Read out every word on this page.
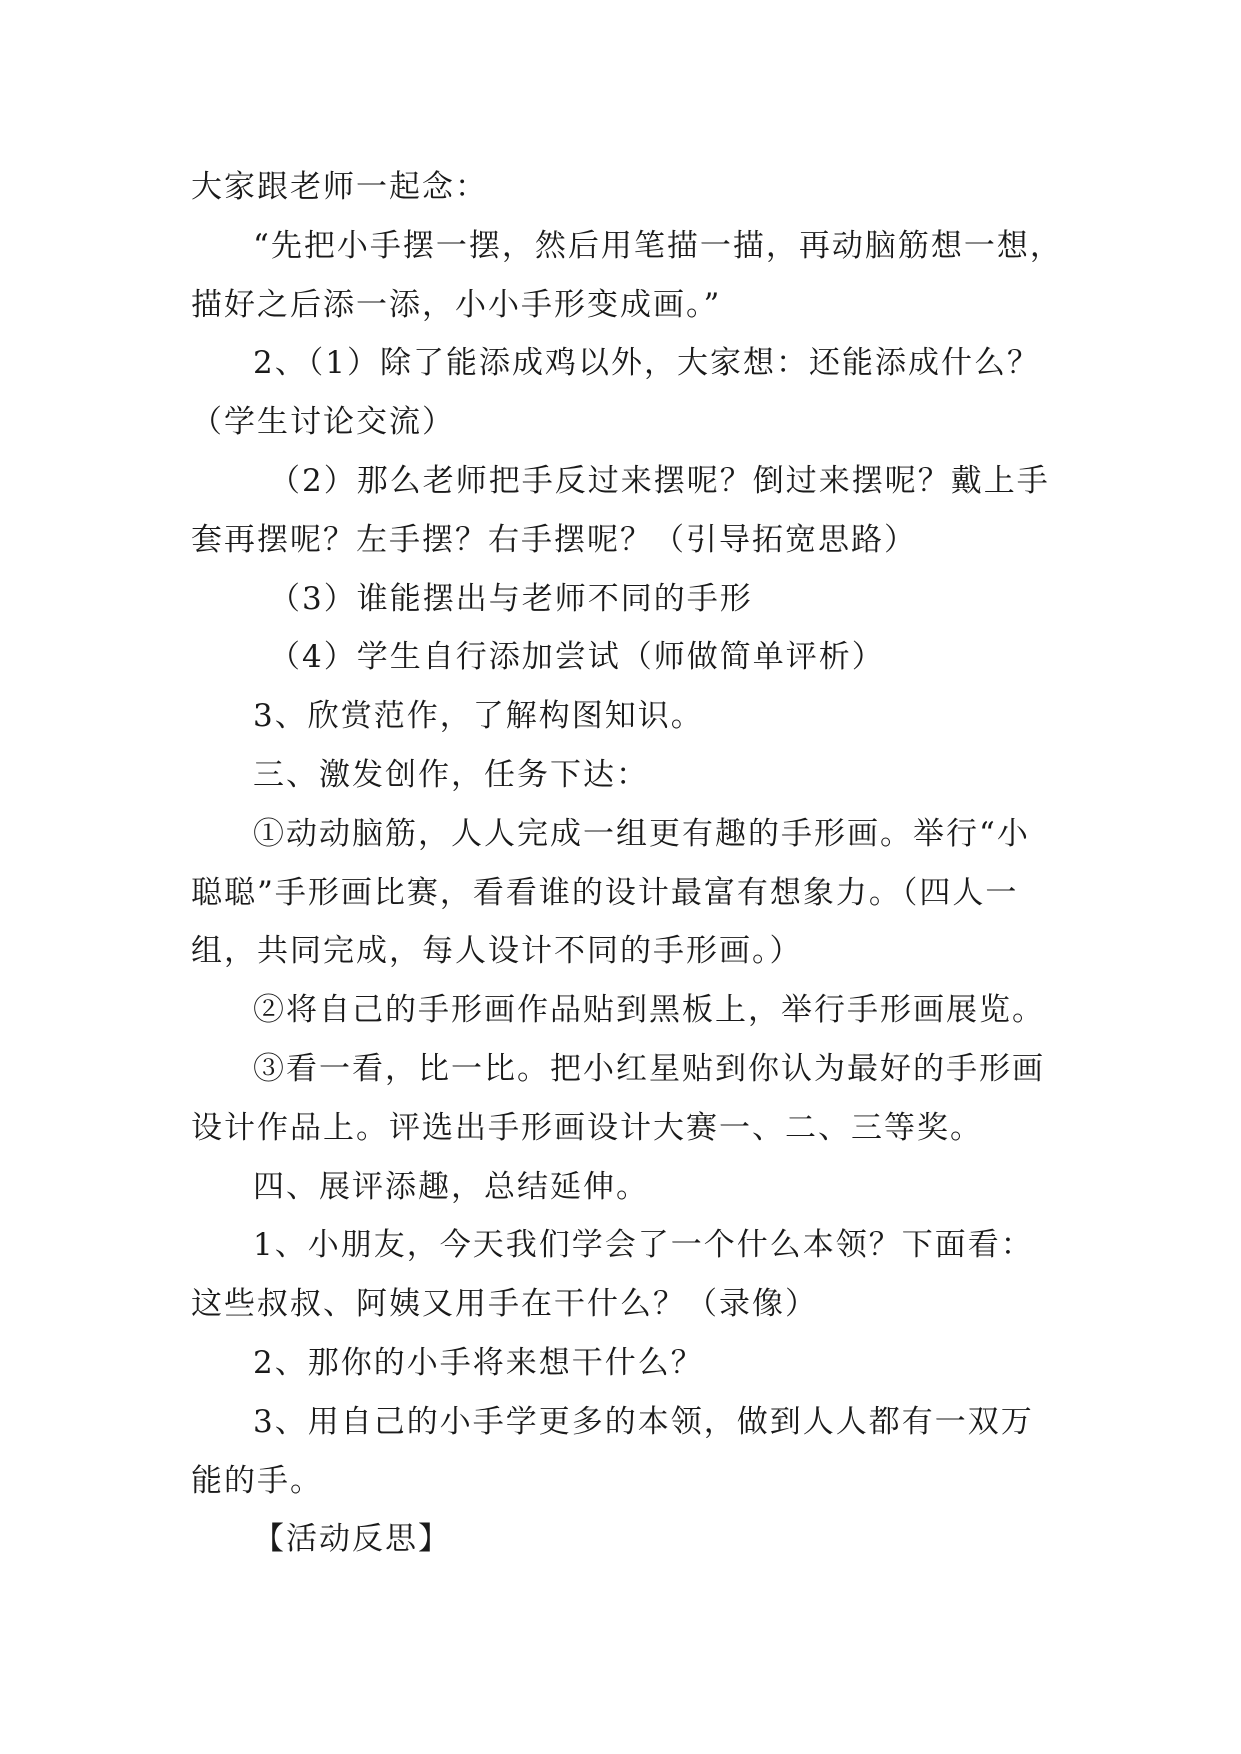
大家跟老师一起念：
“先把小手摆一摆，然后用笔描一描，再动脑筋想一想，
描好之后添一添，小小手形变成画。”
2、（1）除了能添成鸡以外，大家想：还能添成什么？
（学生讨论交流）
（2）那么老师把手反过来摆呢？倒过来摆呢？戴上手
套再摆呢？左手摆？右手摆呢？（引导拓宽思路）
（3）谁能摆出与老师不同的手形
（4）学生自行添加尝试（师做简单评析）
3、欣赏范作，了解构图知识。
三、激发创作，任务下达：
①动动脑筋，人人完成一组更有趣的手形画。举行“小
聪聪”手形画比赛，看看谁的设计最富有想象力。（四人一
组，共同完成，每人设计不同的手形画。）
②将自己的手形画作品贴到黑板上，举行手形画展览。
③看一看，比一比。把小红星贴到你认为最好的手形画
设计作品上。评选出手形画设计大赛一、二、三等奖。
四、展评添趣，总结延伸。
1、小朋友，今天我们学会了一个什么本领？下面看：
这些叔叔、阿姨又用手在干什么？（录像）
2、那你的小手将来想干什么？
3、用自己的小手学更多的本领，做到人人都有一双万
能的手。
【活动反思】
